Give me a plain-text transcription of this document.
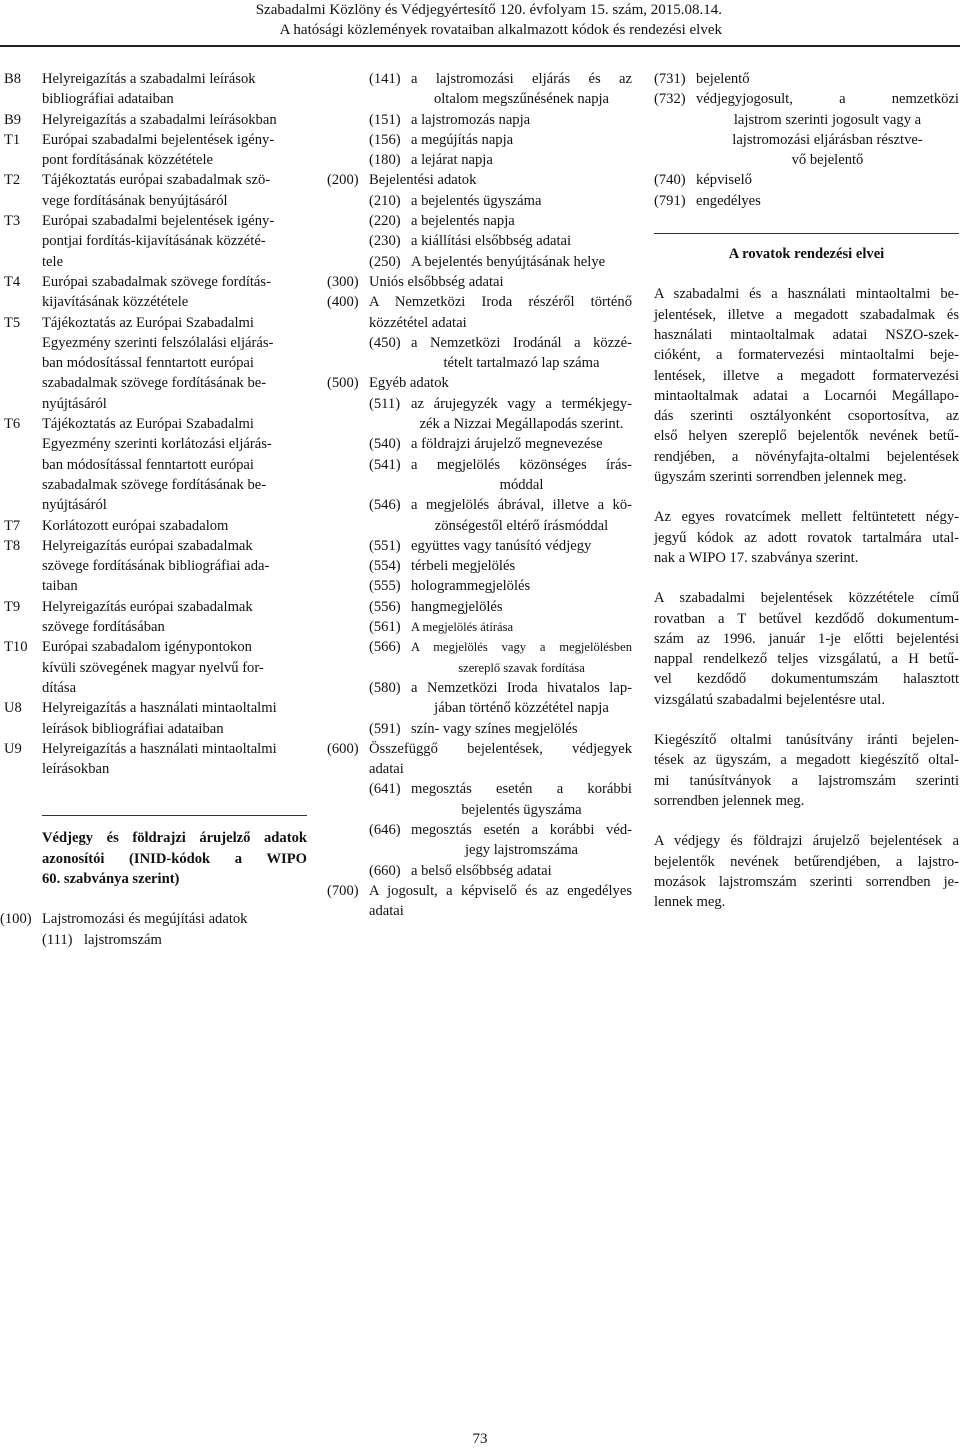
Szabadalmi Közlöny és Védjegyértesítő 120. évfolyam 15. szám, 2015.08.14.
A hatósági közlemények rovataiban alkalmazott kódok és rendezési elvek
B8	Helyreigazítás a szabadalmi leírások
bibliográfiai adataiban
B9	Helyreigazítás a szabadalmi leírásokban
T1	Európai szabadalmi bejelentések igény-
pont fordításának közzététele
T2	Tájékoztatás európai szabadalmak szö-
vege fordításának benyújtásáról
T3	Európai szabadalmi bejelentések igény-
pontjai fordítás-kijavításának közzété-
tele
T4	Európai szabadalmak szövege fordítás-
kijavításának közzététele
T5	Tájékoztatás az Európai Szabadalmi
Egyezmény szerinti felszólalási eljárás-
ban módosítással fenntartott európai
szabadalmak szövege fordításának be-
nyújtásáról
T6	Tájékoztatás az Európai Szabadalmi
Egyezmény szerinti korlátozási eljárás-
ban módosítással fenntartott európai
szabadalmak szövege fordításának be-
nyújtásáról
T7	Korlátozott európai szabadalom
T8	Helyreigazítás európai szabadalmak
szövege fordításának bibliográfiai ada-
taiban
T9	Helyreigazítás európai szabadalmak
szövege fordításában
T10 Európai szabadalom igénypontokon
kívüli szövegének magyar nyelvű for-
dítása
U8	Helyreigazítás a használati mintaoltalmi
leírások bibliográfiai adataiban
U9	Helyreigazítás a használati mintaoltalmi
leírásokban
Védjegy és földrajzi árujelző adatok
azonosítói (INID-kódok a WIPO
60. szabványa szerint)
(100) Lajstromozási és megújítási adatok
(111) lajstromszám
(141) a lajstromozási eljárás és az
oltalom megszűnésének napja
(151) a lajstromozás napja
(156) a megújítás napja
(180) a lejárat napja
(200) Bejelentési adatok
(210) a bejelentés ügyszáma
(220) a bejelentés napja
(230) a kiállítási elsőbbség adatai
(250) A bejelentés benyújtásának helye
(300) Uniós elsőbbség adatai
(400) A Nemzetközi Iroda részéről történő
közzététel adatai
(450) a Nemzetközi Irodánál a közzé-
tételt tartalmazó lap száma
(500) Egyéb adatok
(511) az árujegyzék vagy a termékjegy-
zék a Nizzai Megállapodás szerint.
(540) a földrajzi árujelző megnevezése
(541) a megjelölés közönséges írás-
móddal
(546) a megjelölés ábrával, illetve a kö-
zönségestől eltérő írásmóddal
(551) együttes vagy tanúsító védjegy
(554) térbeli megjelölés
(555) hologrammegjelölés
(556) hangmegjelölés
(561) A megjelölés átírása
(566) A megjelölés vagy a megjelölésben
szereplő szavak fordítása
(580) a Nemzetközi Iroda hivatalos lap-
jában történő közzététel napja
(591) szín- vagy színes megjelölés
(600) Összefüggő bejelentések, védjegyek
adatai
(641) megosztás esetén a korábbi
bejelentés ügyszáma
(646) megosztás esetén a korábbi véd-
jegy lajstromszáma
(660) a belső elsőbbség adatai
(700) A jogosult, a képviselő és az engedélyes
adatai
(731) bejelentő
(732) védjegyjogosult, a nemzetközi
lajstrom szerinti jogosult vagy a
lajstromozási eljárásban résztve-
vő bejelentő
(740) képviselő
(791) engedélyes
A rovatok rendezési elvei
A szabadalmi és a használati mintaoltalmi be-
jelentések, illetve a megadott szabadalmak és
használati mintaoltalmak adatai NSZO-szek-
cióként, a formatervezési mintaoltalmi beje-
lentések, illetve a megadott formatervezési
mintaoltalmak adatai a Locarnói Megállapo-
dás szerinti osztályonként csoportosítva, az
első helyen szereplő bejelentők nevének betű-
rendjében, a növényfajta-oltalmi bejelentések
ügyszám szerinti sorrendben jelennek meg.
Az egyes rovatcímek mellett feltüntetett négy-
jegyű kódok az adott rovatok tartalmára utal-
nak a WIPO 17. szabványa szerint.
A szabadalmi bejelentések közzététele című
rovatban a T betűvel kezdődő dokumentum-
szám az 1996. január 1-je előtti bejelentési
nappal rendelkező teljes vizsgálatú, a H betű-
vel kezdődő dokumentumszám halasztott
vizsgálatú szabadalmi bejelentésre utal.
Kiegészítő oltalmi tanúsítvány iránti bejelen-
tések az ügyszám, a megadott kiegészítő oltal-
mi tanúsítványok a lajstromszám szerinti
sorrendben jelennek meg.
A védjegy és földrajzi árujelző bejelentések a
bejelentők nevének betűrendjében, a lajstro-
mozások lajstromszám szerinti sorrendben je-
lennek meg.
73
